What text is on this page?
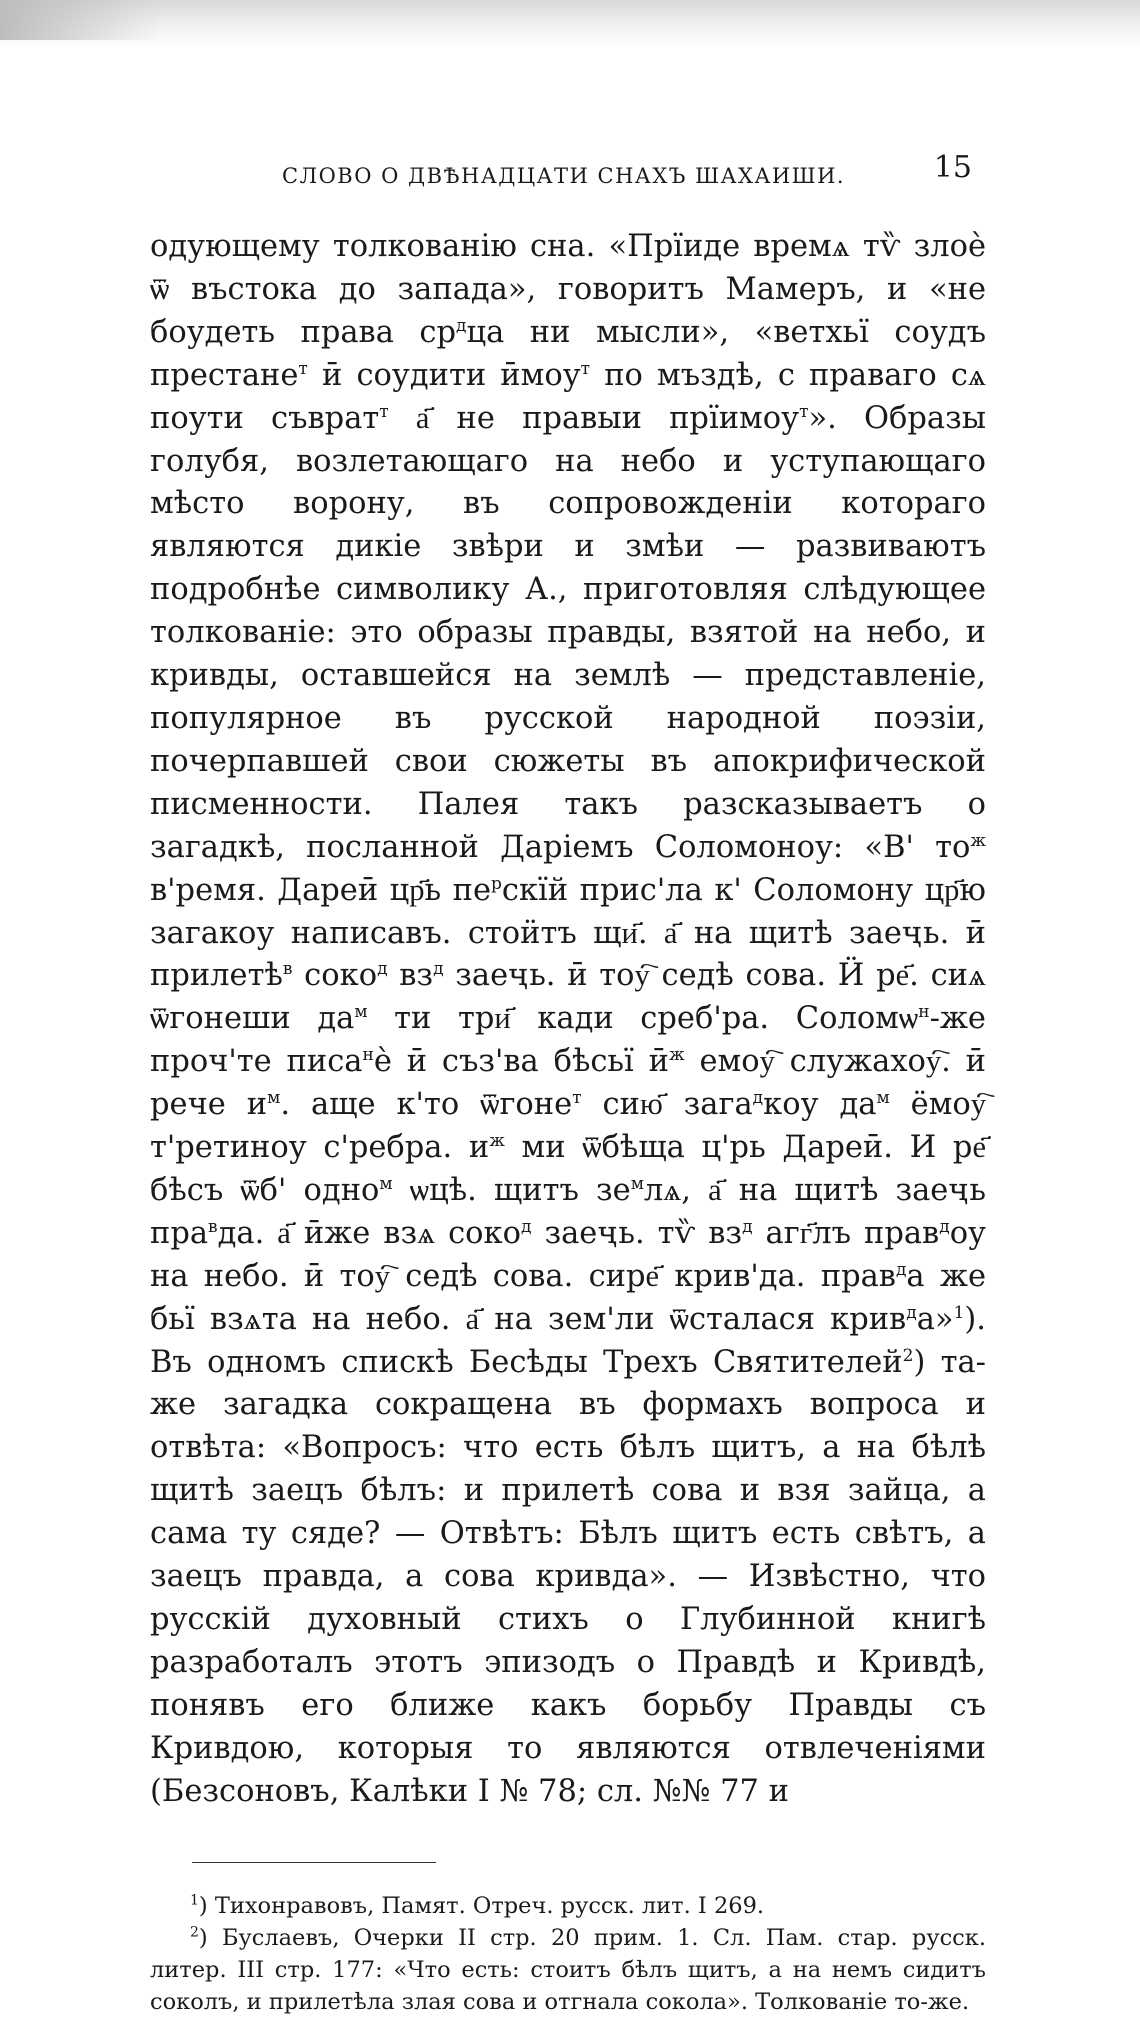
СЛОВО О ДВѢНАДЦАТИ СНАХЪ ШАХАИШИ.	15

одующему толкованію сна. «Прїиде времѧ тѷ злоѐ ѿ въстока до запада», говоритъ Мамеръ, и «не боудеть права $ср^дца$ ни мысли», «ветхьї соудъ престане$^т$ ӣ соудити ӣмоу$^т$ по мъздѣ, с праваго сѧ поути съврат$^т$ а҃ не правыи прїимоу$^т$». Образы голубя, возлетающаго на небо и уступающаго мѣсто ворону, въ сопровожденіи котораго являются дикіе звѣри и змѣи — развиваютъ подробнѣе символику А., приготовляя слѣдующее толкованіе: это образы правды, взятой на небо, и кривды, оставшейся на землѣ — представленіе, популярное въ русской народной поэзіи, почерпавшей свои сюжеты въ апокрифической писменности. Палея такъ разсказываетъ о загадкѣ, посланной Даріемъ Соломоноу: «В' $то^ж$ в'ремя. Дареӣ цр҃ь $пе^рскїй$ прис'ла к' Соломону цр҃ю загакоу написавъ. стоӥтъ щи҃. а҃ на щитѣ заеҷь. ӣ прилетѣ$^в$ соко$^д$ $вз^д$ заеҷь. ӣ тоу҇ седѣ сова. Ӥ ре҃. сиѧ ѿгонеши $да^м$ ти три҃ кади среб'ра. Соломѡ$^н$-же проч'те писа$^н$ѐ ӣ съз'ва бѣсьї $ӣ^ж$ емоу҇ служахоу҇. ӣ рече $и^м$. аще к'то ѿгоне$^т$ сию҃ зага$^д$коу $да^м$ ёмоу҇ т'ретиноу с'ребра. $и^ж$ ми ѿбѣща ц'рь Дареӣ. И ре҃ бѣсъ ѿб' одно$^м$ ѡцѣ. щитъ $зе^млѧ$, а҃ на щитѣ заеҷь пра$^в$да. а҃ ӣже взѧ соко$^д$ заеҷь. тѷ $вз^д$ агг҃лъ прав$^д$оу на небо. ӣ тоу҇ седѣ сова. сире҃ крив'да. прав$^д$а же бьї взѧта на небо. а҃ на зем'ли ѿсталася крив$^д$а»$^1$). Въ одномъ спискѣ Бесѣды Трехъ Святителей$^2$) та-же загадка сокращена въ формахъ вопроса и отвѣта: «Вопросъ: что есть бѣлъ щитъ, а на бѣлѣ щитѣ заецъ бѣлъ: и прилетѣ сова и взя зайца, а сама ту сяде? — Отвѣтъ: Бѣлъ щитъ есть свѣтъ, а заецъ правда, а сова кривда». — Извѣстно, что русскій духовный стихъ о Глубинной книгѣ разработалъ этотъ эпизодъ о Правдѣ и Кривдѣ, понявъ его ближе какъ борьбу Правды съ Кривдою, которыя то являются отвлеченіями (Безсоновъ, Калѣки I № 78; сл. №№ 77 и

$^1$) Тихонравовъ, Памят. Отреч. русск. лит. I 269.

$^2$) Буслаевъ, Очерки II стр. 20 прим. 1. Сл. Пам. стар. русск. литер. III стр. 177: «Что есть: стоитъ бѣлъ щитъ, а на немъ сидитъ соколъ, и прилетѣла злая сова и отгнала сокола». Толкованіе то-же.
